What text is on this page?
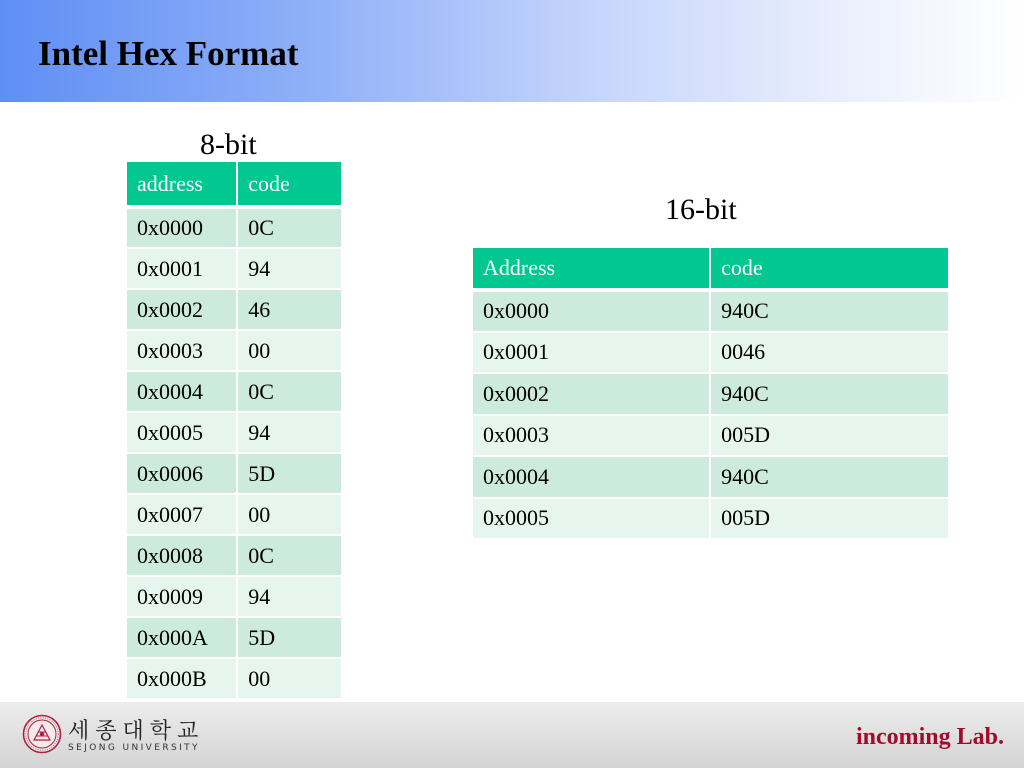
Intel Hex Format
8-bit
address	code
0x0000	0C
0x0001	94
0x0002	46
0x0003	00
0x0004	0C
0x0005	94
0x0006	5D
0x0007	00
0x0008	0C
0x0009	94
0x000A	5D
0x000B	00
16-bit
Address	code
0x0000	940C
0x0001	0046
0x0002	940C
0x0003	005D
0x0004	940C
0x0005	005D
세종대학교
SEJONG UNIVERSITY	incoming Lab.
